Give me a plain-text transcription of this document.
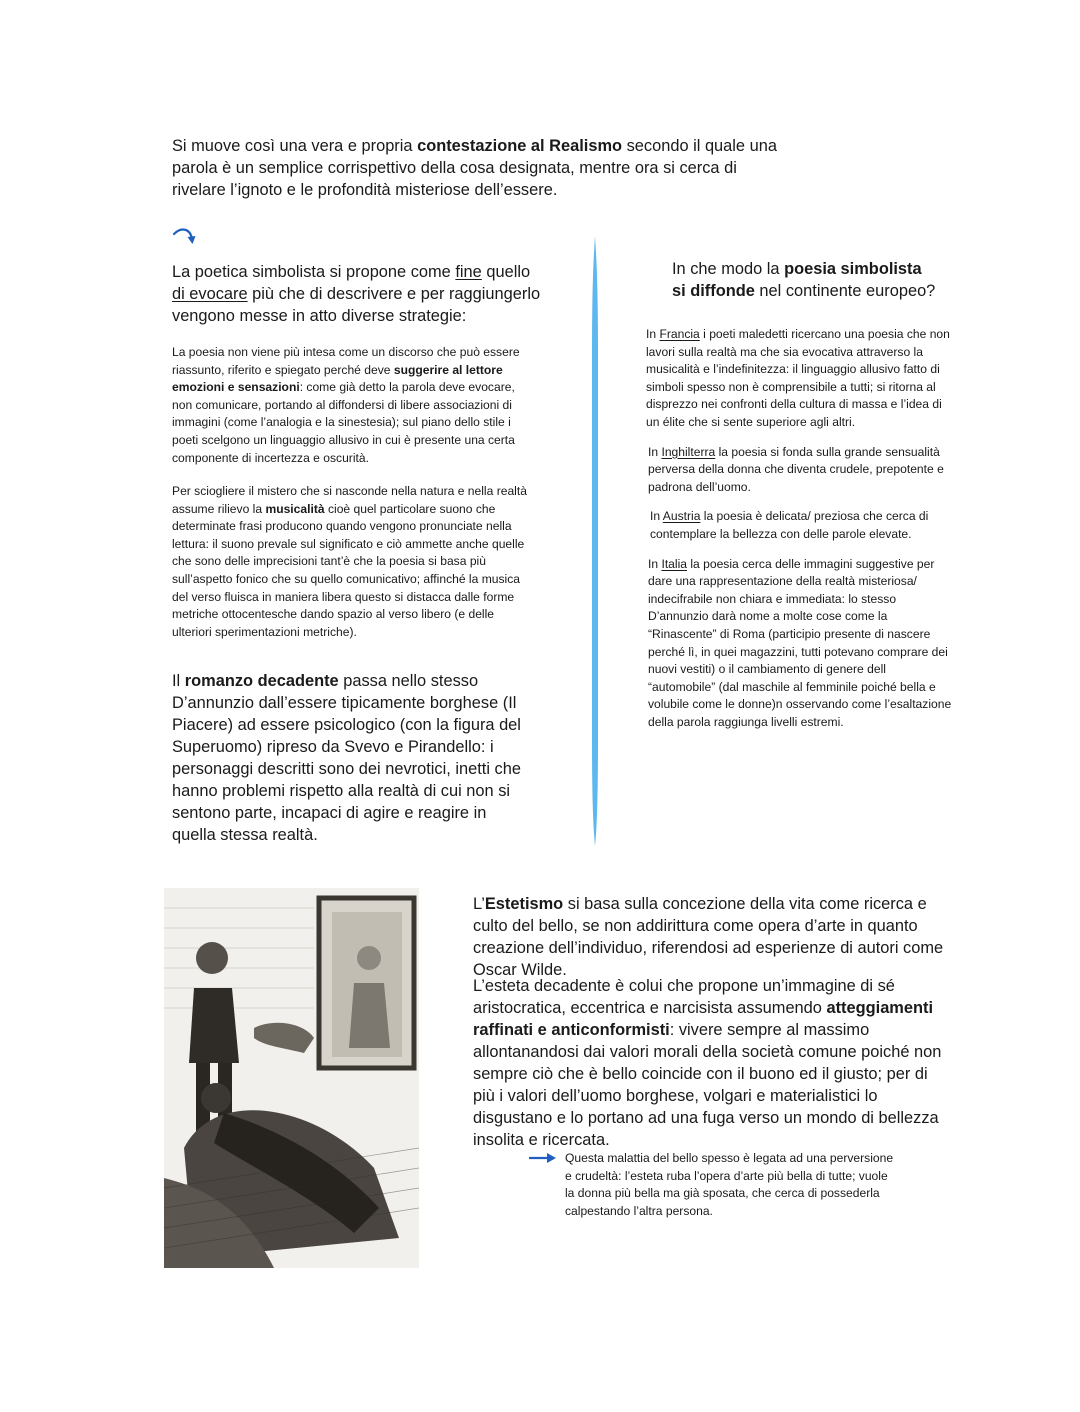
Si muove così una vera e propria contestazione al Realismo secondo il quale una parola è un semplice corrispettivo della cosa designata, mentre ora si cerca di rivelare l’ignoto e le profondità misteriose dell’essere.

La poetica simbolista si propone come fine quello di evocare più che di descrivere e per raggiungerlo vengono messe in atto diverse strategie:

La poesia non viene più intesa come un discorso che può essere riassunto, riferito e spiegato perché deve suggerire al lettore emozioni e sensazioni: come già detto la parola deve evocare, non comunicare, portando al diffondersi di libere associazioni di immagini (come l’analogia e la sinestesia); sul piano dello stile i poeti scelgono un linguaggio allusivo in cui è presente una certa componente di incertezza e oscurità.

Per sciogliere il mistero che si nasconde nella natura e nella realtà assume rilievo la musicalità cioè quel particolare suono che determinate frasi producono quando vengono pronunciate nella lettura: il suono prevale sul significato e ciò ammette anche quelle che sono delle imprecisioni tant’è che la poesia si basa più sull’aspetto fonico che su quello comunicativo; affinché la musica del verso fluisca in maniera libera questo si distacca dalle forme metriche ottocentesche dando spazio al verso libero (e delle ulteriori sperimentazioni metriche).

Il romanzo decadente passa nello stesso D’annunzio dall’essere tipicamente borghese (Il Piacere) ad essere psicologico (con la figura del Superuomo) ripreso da Svevo e Pirandello: i personaggi descritti sono dei nevrotici, inetti che hanno problemi rispetto alla realtà di cui non si sentono parte, incapaci di agire e reagire in quella stessa realtà.

In che modo la poesia simbolista
si diffonde nel continente europeo?

In Francia i poeti maledetti ricercano una poesia che non lavori sulla realtà ma che sia evocativa attraverso la musicalità e l’indefinitezza: il linguaggio allusivo fatto di simboli spesso non è comprensibile a tutti; si ritorna al disprezzo nei confronti della cultura di massa e l’idea di un élite che si sente superiore agli altri.

In Inghilterra la poesia si fonda sulla grande sensualità perversa della donna che diventa crudele, prepotente e padrona dell’uomo.

In Austria la poesia è delicata/ preziosa che cerca di contemplare la bellezza con delle parole elevate.

In Italia la poesia cerca delle immagini suggestive per dare una rappresentazione della realtà misteriosa/ indecifrabile non chiara e immediata: lo stesso D’annunzio darà nome a molte cose come la “Rinascente” di Roma (participio presente di nascere perché lì, in quei magazzini, tutti potevano comprare dei nuovi vestiti) o il cambiamento di genere dell “automobile” (dal maschile al femminile poiché bella e volubile come le donne)n osservando come l’esaltazione della parola raggiunga livelli estremi.

L’Estetismo si basa sulla concezione della vita come ricerca e culto del bello, se non addirittura come opera d’arte in quanto creazione dell’individuo, riferendosi ad esperienze di autori come Oscar Wilde.

L’esteta decadente è colui che propone un’immagine di sé aristocratica, eccentrica e narcisista assumendo atteggiamenti raffinati e anticonformisti: vivere sempre al massimo allontanandosi dai valori morali della società comune poiché non sempre ciò che è bello coincide con il buono ed il giusto; per di più i valori dell’uomo borghese, volgari e materialistici lo disgustano e lo portano ad una fuga verso un mondo di bellezza insolita e ricercata.

Questa malattia del bello spesso è legata ad una perversione e crudeltà: l’esteta ruba l’opera d’arte più bella di tutte; vuole la donna più bella ma già sposata, che cerca di possederla calpestando l’altra persona.
